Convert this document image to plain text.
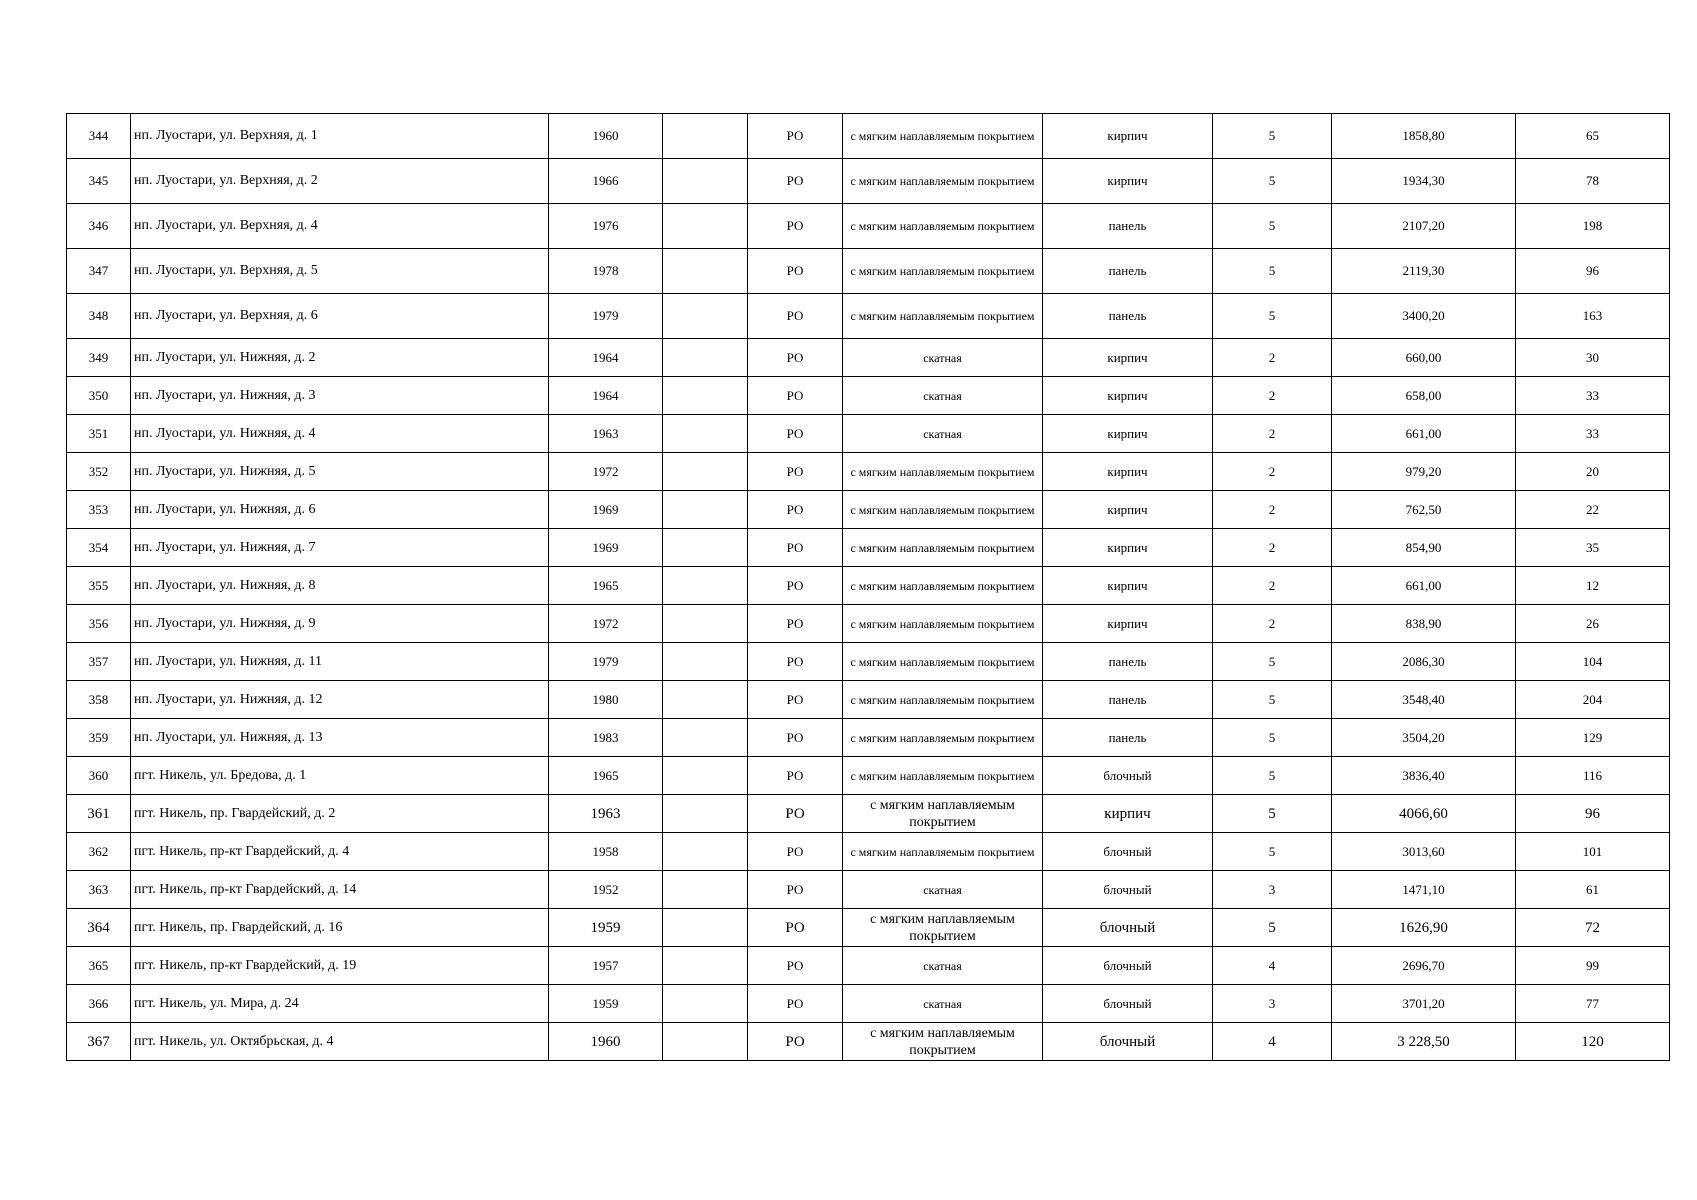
344	нп. Луостари, ул. Верхняя, д. 1	1960		РО	с мягким наплавляемым покрытием	кирпич	5	1858,80	65
345	нп. Луостари, ул. Верхняя, д. 2	1966		РО	с мягким наплавляемым покрытием	кирпич	5	1934,30	78
346	нп. Луостари, ул. Верхняя, д. 4	1976		РО	с мягким наплавляемым покрытием	панель	5	2107,20	198
347	нп. Луостари, ул. Верхняя, д. 5	1978		РО	с мягким наплавляемым покрытием	панель	5	2119,30	96
348	нп. Луостари, ул. Верхняя, д. 6	1979		РО	с мягким наплавляемым покрытием	панель	5	3400,20	163
349	нп. Луостари, ул. Нижняя, д. 2	1964		РО	скатная	кирпич	2	660,00	30
350	нп. Луостари, ул. Нижняя, д. 3	1964		РО	скатная	кирпич	2	658,00	33
351	нп. Луостари, ул. Нижняя, д. 4	1963		РО	скатная	кирпич	2	661,00	33
352	нп. Луостари, ул. Нижняя, д. 5	1972		РО	с мягким наплавляемым покрытием	кирпич	2	979,20	20
353	нп. Луостари, ул. Нижняя, д. 6	1969		РО	с мягким наплавляемым покрытием	кирпич	2	762,50	22
354	нп. Луостари, ул. Нижняя, д. 7	1969		РО	с мягким наплавляемым покрытием	кирпич	2	854,90	35
355	нп. Луостари, ул. Нижняя, д. 8	1965		РО	с мягким наплавляемым покрытием	кирпич	2	661,00	12
356	нп. Луостари, ул. Нижняя, д. 9	1972		РО	с мягким наплавляемым покрытием	кирпич	2	838,90	26
357	нп. Луостари, ул. Нижняя, д. 11	1979		РО	с мягким наплавляемым покрытием	панель	5	2086,30	104
358	нп. Луостари, ул. Нижняя, д. 12	1980		РО	с мягким наплавляемым покрытием	панель	5	3548,40	204
359	нп. Луостари, ул. Нижняя, д. 13	1983		РО	с мягким наплавляемым покрытием	панель	5	3504,20	129
360	пгт. Никель, ул. Бредова, д. 1	1965		РО	с мягким наплавляемым покрытием	блочный	5	3836,40	116
361	пгт. Никель, пр. Гвардейский, д. 2	1963		РО	с мягким наплавляемым покрытием	кирпич	5	4066,60	96
362	пгт. Никель, пр-кт Гвардейский, д. 4	1958		РО	с мягким наплавляемым покрытием	блочный	5	3013,60	101
363	пгт. Никель, пр-кт Гвардейский, д. 14	1952		РО	скатная	блочный	3	1471,10	61
364	пгт. Никель, пр. Гвардейский, д. 16	1959		РО	с мягким наплавляемым покрытием	блочный	5	1626,90	72
365	пгт. Никель, пр-кт Гвардейский, д. 19	1957		РО	скатная	блочный	4	2696,70	99
366	пгт. Никель, ул. Мира, д. 24	1959		РО	скатная	блочный	3	3701,20	77
367	пгт. Никель, ул. Октябрьская, д. 4	1960		РО	с мягким наплавляемым покрытием	блочный	4	3 228,50	120
